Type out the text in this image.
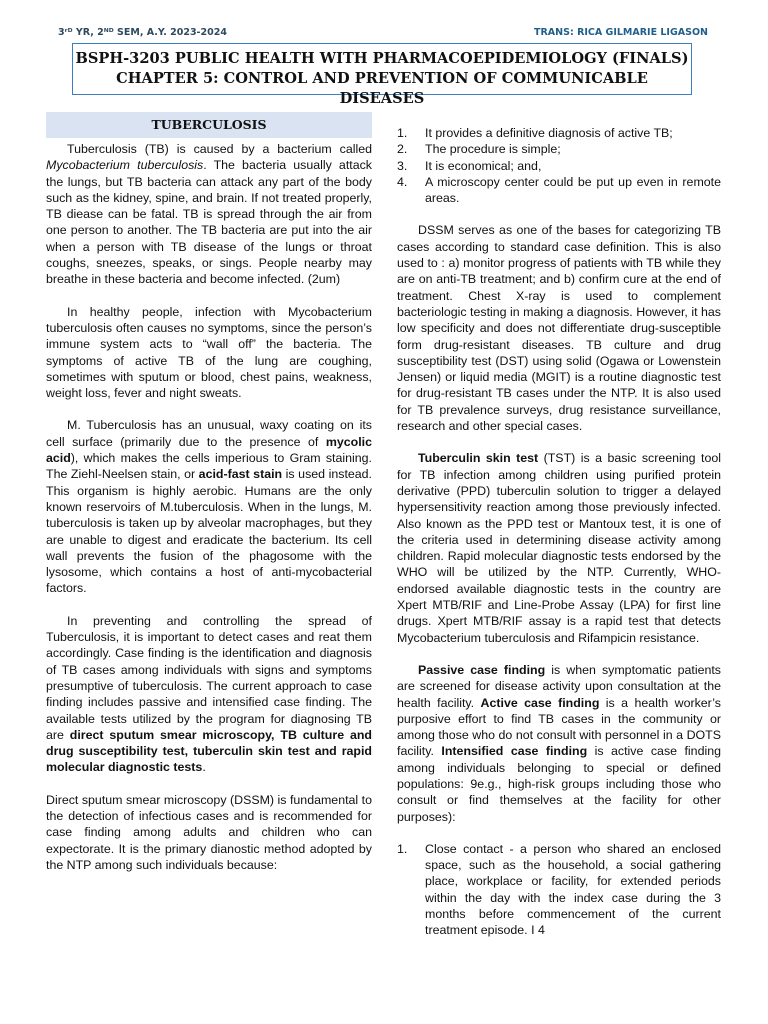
3ʳᴰ YR, 2ᴺᴰ SEM, A.Y. 2023-2024	TRANS: RICA GILMARIE LIGASON
BSPH-3203 PUBLIC HEALTH WITH PHARMACOEPIDEMIOLOGY (FINALS)
CHAPTER 5: CONTROL AND PREVENTION OF COMMUNICABLE DISEASES
TUBERCULOSIS

Tuberculosis (TB) is caused by a bacterium called Mycobacterium tuberculosis. The bacteria usually attack the lungs, but TB bacteria can attack any part of the body such as the kidney, spine, and brain. If not treated properly, TB diease can be fatal. TB is spread through the air from one person to another. The TB bacteria are put into the air when a person with TB disease of the lungs or throat coughs, sneezes, speaks, or sings. People nearby may breathe in these bacteria and become infected. (2um)

In healthy people, infection with Mycobacterium tuberculosis often causes no symptoms, since the person’s immune system acts to “wall off” the bacteria. The symptoms of active TB of the lung are coughing, sometimes with sputum or blood, chest pains, weakness, weight loss, fever and night sweats.

M. Tuberculosis has an unusual, waxy coating on its cell surface (primarily due to the presence of mycolic acid), which makes the cells imperious to Gram staining. The Ziehl-Neelsen stain, or acid-fast stain is used instead. This organism is highly aerobic. Humans are the only known reservoirs of M.tuberculosis. When in the lungs, M. tuberculosis is taken up by alveolar macrophages, but they are unable to digest and eradicate the bacterium. Its cell wall prevents the fusion of the phagosome with the lysosome, which contains a host of anti-mycobacterial factors.

In preventing and controlling the spread of Tuberculosis, it is important to detect cases and reat them accordingly. Case finding is the identification and diagnosis of TB cases among individuals with signs and symptoms presumptive of tuberculosis. The current approach to case finding includes passive and intensified case finding. The available tests utilized by the program for diagnosing TB are direct sputum smear microscopy, TB culture and drug susceptibility test, tuberculin skin test and rapid molecular diagnostic tests.

Direct sputum smear microscopy (DSSM) is fundamental to the detection of infectious cases and is recommended for case finding among adults and children who can expectorate. It is the primary dianostic method adopted by the NTP among such individuals because:

1. It provides a definitive diagnosis of active TB;
2. The procedure is simple;
3. It is economical; and,
4. A microscopy center could be put up even in remote areas.

DSSM serves as one of the bases for categorizing TB cases according to standard case definition. This is also used to : a) monitor progress of patients with TB while they are on anti-TB treatment; and b) confirm cure at the end of treatment. Chest X-ray is used to complement bacteriologic testing in making a diagnosis. However, it has low specificity and does not differentiate drug-susceptible form drug-resistant diseases. TB culture and drug susceptibility test (DST) using solid (Ogawa or Lowenstein Jensen) or liquid media (MGIT) is a routine diagnostic test for drug-resistant TB cases under the NTP. It is also used for TB prevalence surveys, drug resistance surveillance, research and other special cases.

Tuberculin skin test (TST) is a basic screening tool for TB infection among children using purified protein derivative (PPD) tuberculin solution to trigger a delayed hypersensitivity reaction among those previously infected. Also known as the PPD test or Mantoux test, it is one of the criteria used in determining disease activity among children. Rapid molecular diagnostic tests endorsed by the WHO will be utilized by the NTP. Currently, WHO- endorsed available diagnostic tests in the country are Xpert MTB/RIF and Line-Probe Assay (LPA) for first line drugs. Xpert MTB/RIF assay is a rapid test that detects Mycobacterium tuberculosis and Rifampicin resistance.

Passive case finding is when symptomatic patients are screened for disease activity upon consultation at the health facility. Active case finding is a health worker’s purposive effort to find TB cases in the community or among those who do not consult with personnel in a DOTS facility. Intensified case finding is active case finding among individuals belonging to special or defined populations: 9e.g., high-risk groups including those who consult or find themselves at the facility for other purposes):

1. Close contact - a person who shared an enclosed space, such as the household, a social gathering place, workplace or facility, for extended periods within the day with the index case during the 3 months before commencement of the current treatment episode. I 4
